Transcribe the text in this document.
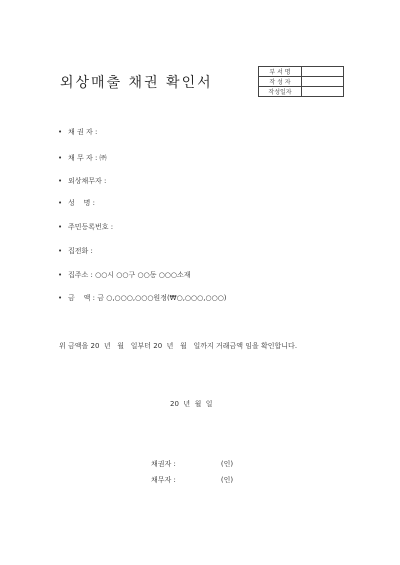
외상매출 채권 확인서
부 서 명	
작 성 자	
작성일자	
• 채 권 자 :
• 채 무 자 : ㈜
• 외상채무자 :
• 성    명 :
• 주민등록번호 :
• 집전화 :
• 집주소 : ○○시 ○○구 ○○동 ○○○소재
• 금    액 : 금 ○,○○○,○○○원정(₩○,○○○,○○○)
위 금액을 20  년   월   일부터 20  년   월   일까지 거래금액 임을 확인합니다.
20  년  월  일
채권자 :	(인)
채무자 :	(인)
